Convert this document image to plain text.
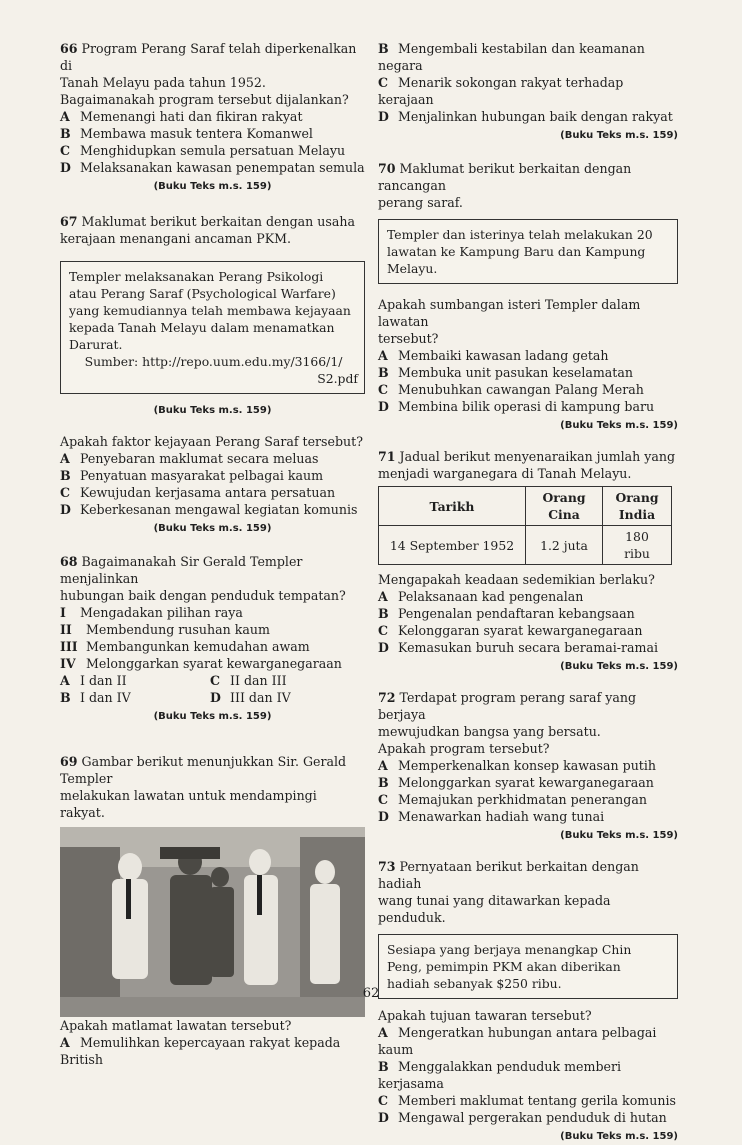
66 Program Perang Saraf telah diperkenalkan di
Tanah Melayu pada tahun 1952.
Bagaimanakah program tersebut dijalankan?
A Memenangi hati dan fikiran rakyat
B Membawa masuk tentera Komanwel
C Menghidupkan semula persatuan Melayu
D Melaksanakan kawasan penempatan semula
(Buku Teks m.s. 159)
67 Maklumat berikut berkaitan dengan usaha
kerajaan menangani ancaman PKM.
Templer melaksanakan Perang Psikologi
atau Perang Saraf (Psychological Warfare)
yang kemudiannya telah membawa kejayaan
kepada Tanah Melayu dalam menamatkan
Darurat.
Sumber: http://repo.uum.edu.my/3166/1/
S2.pdf
(Buku Teks m.s. 159)
Apakah faktor kejayaan Perang Saraf tersebut?
A Penyebaran maklumat secara meluas
B Penyatuan masyarakat pelbagai kaum
C Kewujudan kerjasama antara persatuan
D Keberkesanan mengawal kegiatan komunis
(Buku Teks m.s. 159)
68 Bagaimanakah Sir Gerald Templer menjalinkan
hubungan baik dengan penduduk tempatan?
I Mengadakan pilihan raya
II Membendung rusuhan kaum
III Membangunkan kemudahan awam
IV Melonggarkan syarat kewarganegaraan
A I dan II	C II dan III
B I dan IV	D III dan IV
(Buku Teks m.s. 159)
69 Gambar berikut menunjukkan Sir. Gerald Templer
melakukan lawatan untuk mendampingi rakyat.
Apakah matlamat lawatan tersebut?
A Memulihkan kepercayaan rakyat kepada British
B Mengembali kestabilan dan keamanan negara
C Menarik sokongan rakyat terhadap kerajaan
D Menjalinkan hubungan baik dengan rakyat
(Buku Teks m.s. 159)
70 Maklumat berikut berkaitan dengan rancangan
perang saraf.
Templer dan isterinya telah melakukan 20
lawatan ke Kampung Baru dan Kampung
Melayu.
Apakah sumbangan isteri Templer dalam lawatan
tersebut?
A Membaiki kawasan ladang getah
B Membuka unit pasukan keselamatan
C Menubuhkan cawangan Palang Merah
D Membina bilik operasi di kampung baru
(Buku Teks m.s. 159)
71 Jadual berikut menyenaraikan jumlah yang
menjadi warganegara di Tanah Melayu.
Tarikh	Orang Cina	Orang India
14 September 1952	1.2 juta	180 ribu
Mengapakah keadaan sedemikian berlaku?
A Pelaksanaan kad pengenalan
B Pengenalan pendaftaran kebangsaan
C Kelonggaran syarat kewarganegaraan
D Kemasukan buruh secara beramai-ramai
(Buku Teks m.s. 159)
72 Terdapat program perang saraf yang berjaya
mewujudkan bangsa yang bersatu.
Apakah program tersebut?
A Memperkenalkan konsep kawasan putih
B Melonggarkan syarat kewarganegaraan
C Memajukan perkhidmatan penerangan
D Menawarkan hadiah wang tunai
(Buku Teks m.s. 159)
73 Pernyataan berikut berkaitan dengan hadiah
wang tunai yang ditawarkan kepada penduduk.
Sesiapa yang berjaya menangkap Chin
Peng, pemimpin PKM akan diberikan
hadiah sebanyak $250 ribu.
Apakah tujuan tawaran tersebut?
A Mengeratkan hubungan antara pelbagai kaum
B Menggalakkan penduduk memberi kerjasama
C Memberi maklumat tentang gerila komunis
D Mengawal pergerakan penduduk di hutan
(Buku Teks m.s. 159)
62
